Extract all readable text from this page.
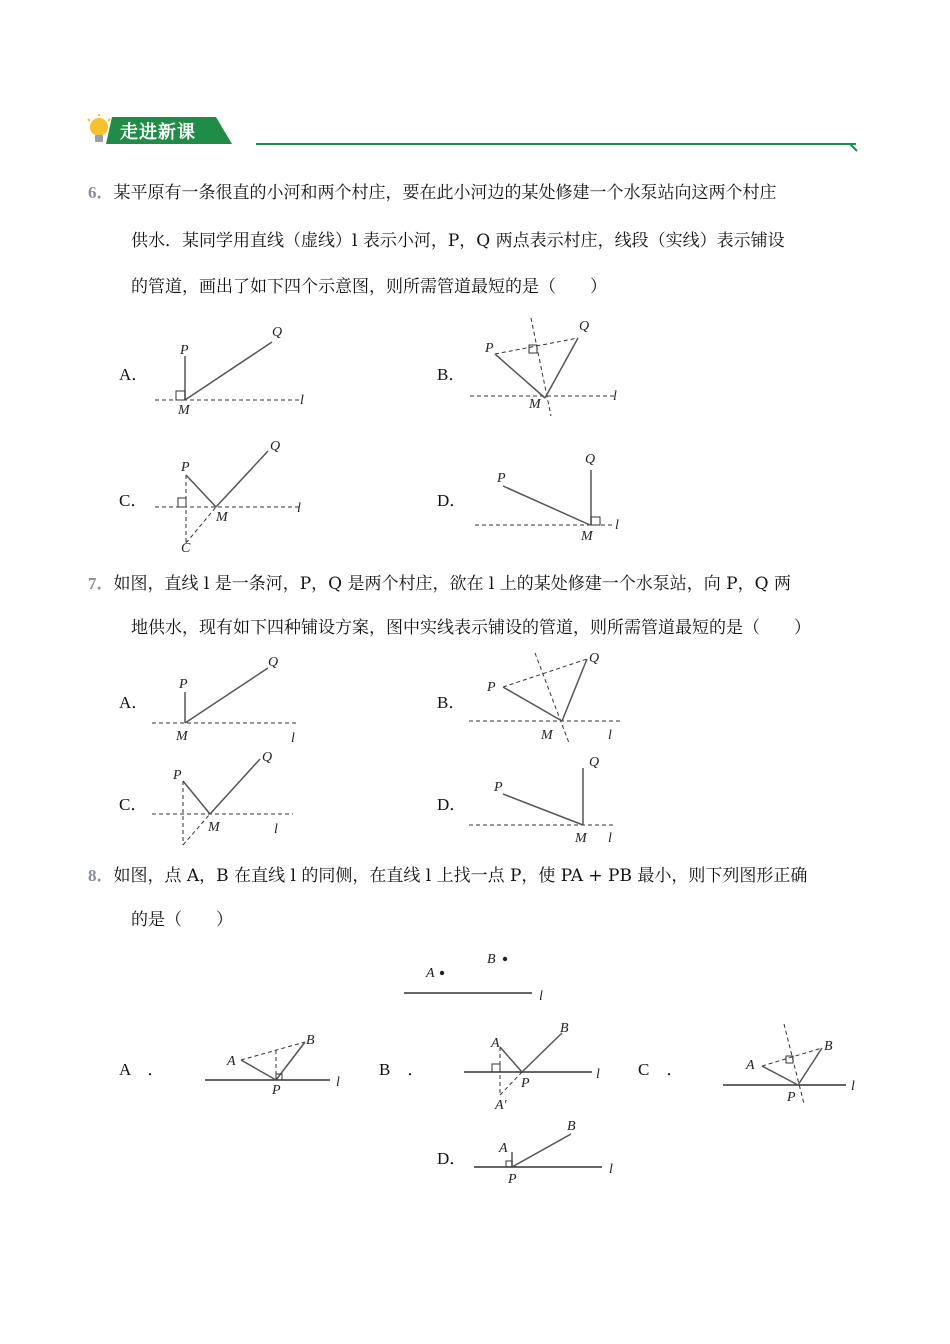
走进新课
6．某平原有一条很直的小河和两个村庄，要在此小河边的某处修建一个水泵站向这两个村庄
供水．某同学用直线（虚线）l 表示小河，P，Q 两点表示村庄，线段（实线）表示铺设
的管道，画出了如下四个示意图，则所需管道最短的是（　　）
A．
P
Q
M
l
B．
P
Q
M
l
C．
P
Q
M
l
C
D．
P
Q
M
l
7．如图，直线 l 是一条河，P，Q 是两个村庄，欲在 l 上的某处修建一个水泵站，向 P，Q 两
地供水，现有如下四种铺设方案，图中实线表示铺设的管道，则所需管道最短的是（　　）
A．
P
Q
M	l
B．
P
Q
M	l
C．
P
Q
M	l
D．
P
Q
M l
8．如图，点 A，B 在直线 l 的同侧，在直线 l 上找一点 P，使 PA + PB 最小，则下列图形正确
的是（　　）
A
B
l
A　．	A
B
P
l
B　．
A
B
P
A′
l C　．	A
B
P
l
D．
A
B
P
l
